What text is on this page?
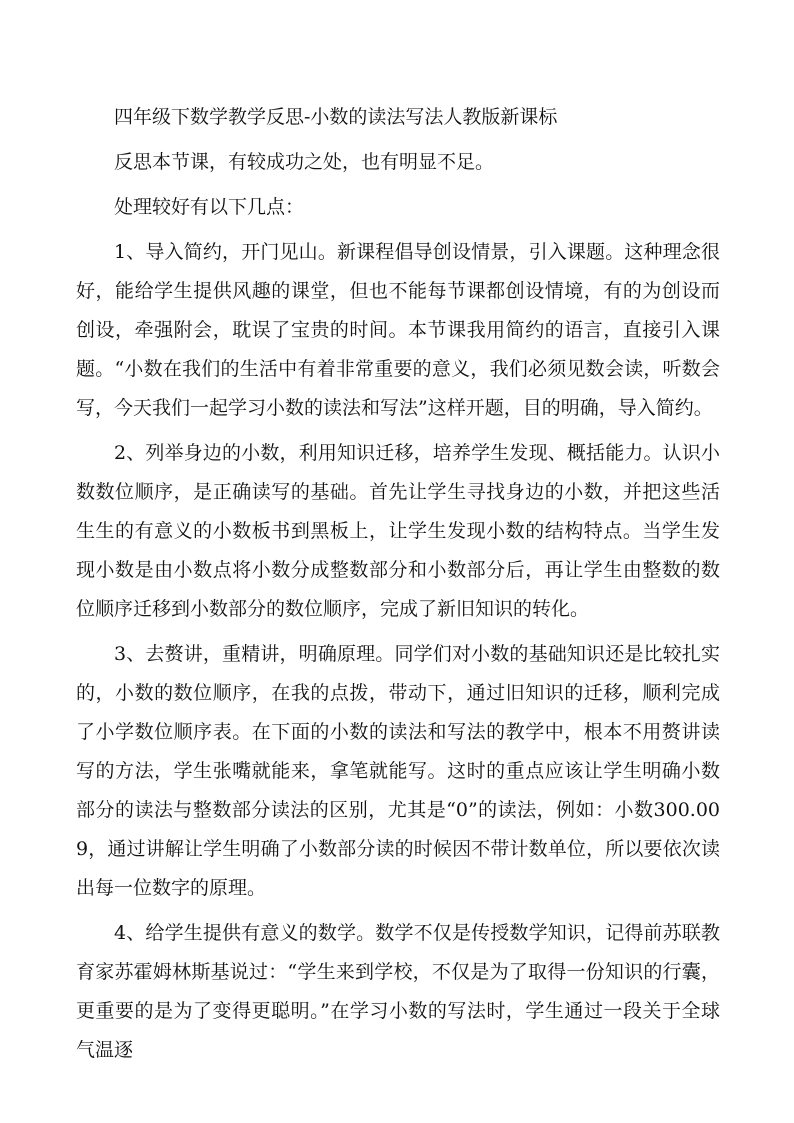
四年级下数学教学反思-小数的读法写法人教版新课标

反思本节课，有较成功之处，也有明显不足。

处理较好有以下几点：

1、导入简约，开门见山。新课程倡导创设情景，引入课题。这种理念很好，能给学生提供风趣的课堂，但也不能每节课都创设情境，有的为创设而创设，牵强附会，耽误了宝贵的时间。本节课我用简约的语言，直接引入课题。“小数在我们的生活中有着非常重要的意义，我们必须见数会读，听数会写，今天我们一起学习小数的读法和写法”这样开题，目的明确，导入简约。

2、列举身边的小数，利用知识迁移，培养学生发现、概括能力。认识小数数位顺序，是正确读写的基础。首先让学生寻找身边的小数，并把这些活生生的有意义的小数板书到黑板上，让学生发现小数的结构特点。当学生发现小数是由小数点将小数分成整数部分和小数部分后，再让学生由整数的数位顺序迁移到小数部分的数位顺序，完成了新旧知识的转化。

3、去赘讲，重精讲，明确原理。同学们对小数的基础知识还是比较扎实的，小数的数位顺序，在我的点拨，带动下，通过旧知识的迁移，顺利完成了小学数位顺序表。在下面的小数的读法和写法的教学中，根本不用赘讲读写的方法，学生张嘴就能来，拿笔就能写。这时的重点应该让学生明确小数部分的读法与整数部分读法的区别，尤其是“0”的读法，例如：小数300.009，通过讲解让学生明确了小数部分读的时候因不带计数单位，所以要依次读出每一位数字的原理。

4、给学生提供有意义的数学。数学不仅是传授数学知识，记得前苏联教育家苏霍姆林斯基说过：“学生来到学校，不仅是为了取得一份知识的行囊，更重要的是为了变得更聪明。”在学习小数的写法时，学生通过一段关于全球气温逐
